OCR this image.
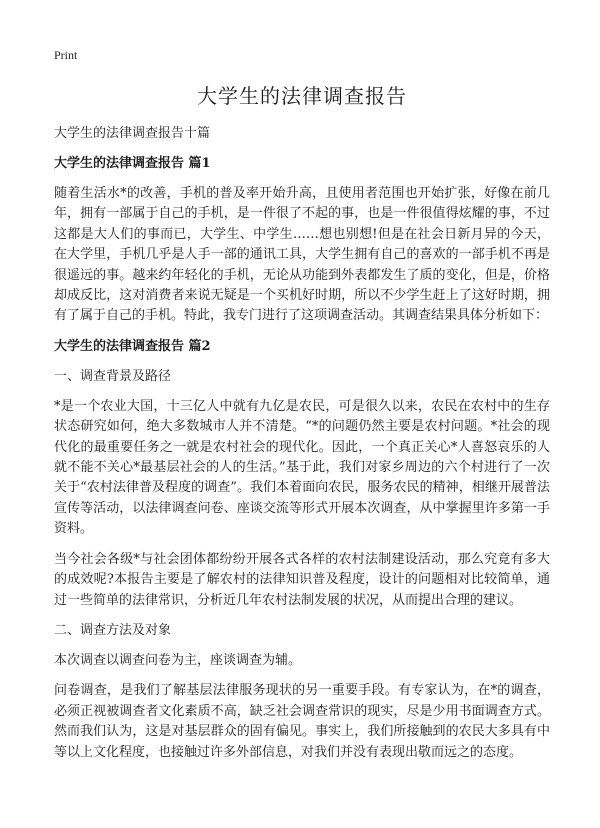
Print
大学生的法律调查报告
大学生的法律调查报告十篇
大学生的法律调查报告 篇1
随着生活水*的改善，手机的普及率开始升高，且使用者范围也开始扩张，好像在前几年，拥有一部属于自己的手机，是一件很了不起的事，也是一件很值得炫耀的事，不过这都是大人们的事而已，大学生、中学生……想也别想!但是在社会日新月异的今天，在大学里，手机几乎是人手一部的通讯工具，大学生拥有自己的喜欢的一部手机不再是很遥远的事。越来约年轻化的手机，无论从功能到外表都发生了质的变化，但是，价格却成反比，这对消费者来说无疑是一个买机好时期，所以不少学生赶上了这好时期，拥有了属于自己的手机。特此，我专门进行了这项调查活动。其调查结果具体分析如下：
大学生的法律调查报告 篇2
一、调查背景及路径
*是一个农业大国，十三亿人中就有九亿是农民，可是很久以来，农民在农村中的生存状态研究如何，绝大多数城市人并不清楚。“*的问题仍然主要是农村问题。*社会的现代化的最重要任务之一就是农村社会的现代化。因此，一个真正关心*人喜怒哀乐的人就不能不关心*最基层社会的人的生活。”基于此，我们对家乡周边的六个村进行了一次关于“农村法律普及程度的调查”。我们本着面向农民，服务农民的精神，相继开展普法宣传等活动，以法律调查问卷、座谈交流等形式开展本次调查，从中掌握里许多第一手资料。
当今社会各级*与社会团体都纷纷开展各式各样的农村法制建设活动，那么究竟有多大的成效呢?本报告主要是了解农村的法律知识普及程度，设计的问题相对比较简单，通过一些简单的法律常识，分析近几年农村法制发展的状况，从而提出合理的建议。
二、调查方法及对象
本次调查以调查问卷为主，座谈调查为辅。
问卷调查，是我们了解基层法律服务现状的另一重要手段。有专家认为，在*的调查，必须正视被调查者文化素质不高，缺乏社会调查常识的现实，尽是少用书面调查方式。然而我们认为，这是对基层群众的固有偏见。事实上，我们所接触到的农民大多具有中等以上文化程度，也接触过许多外部信息，对我们并没有表现出敬而远之的态度。
